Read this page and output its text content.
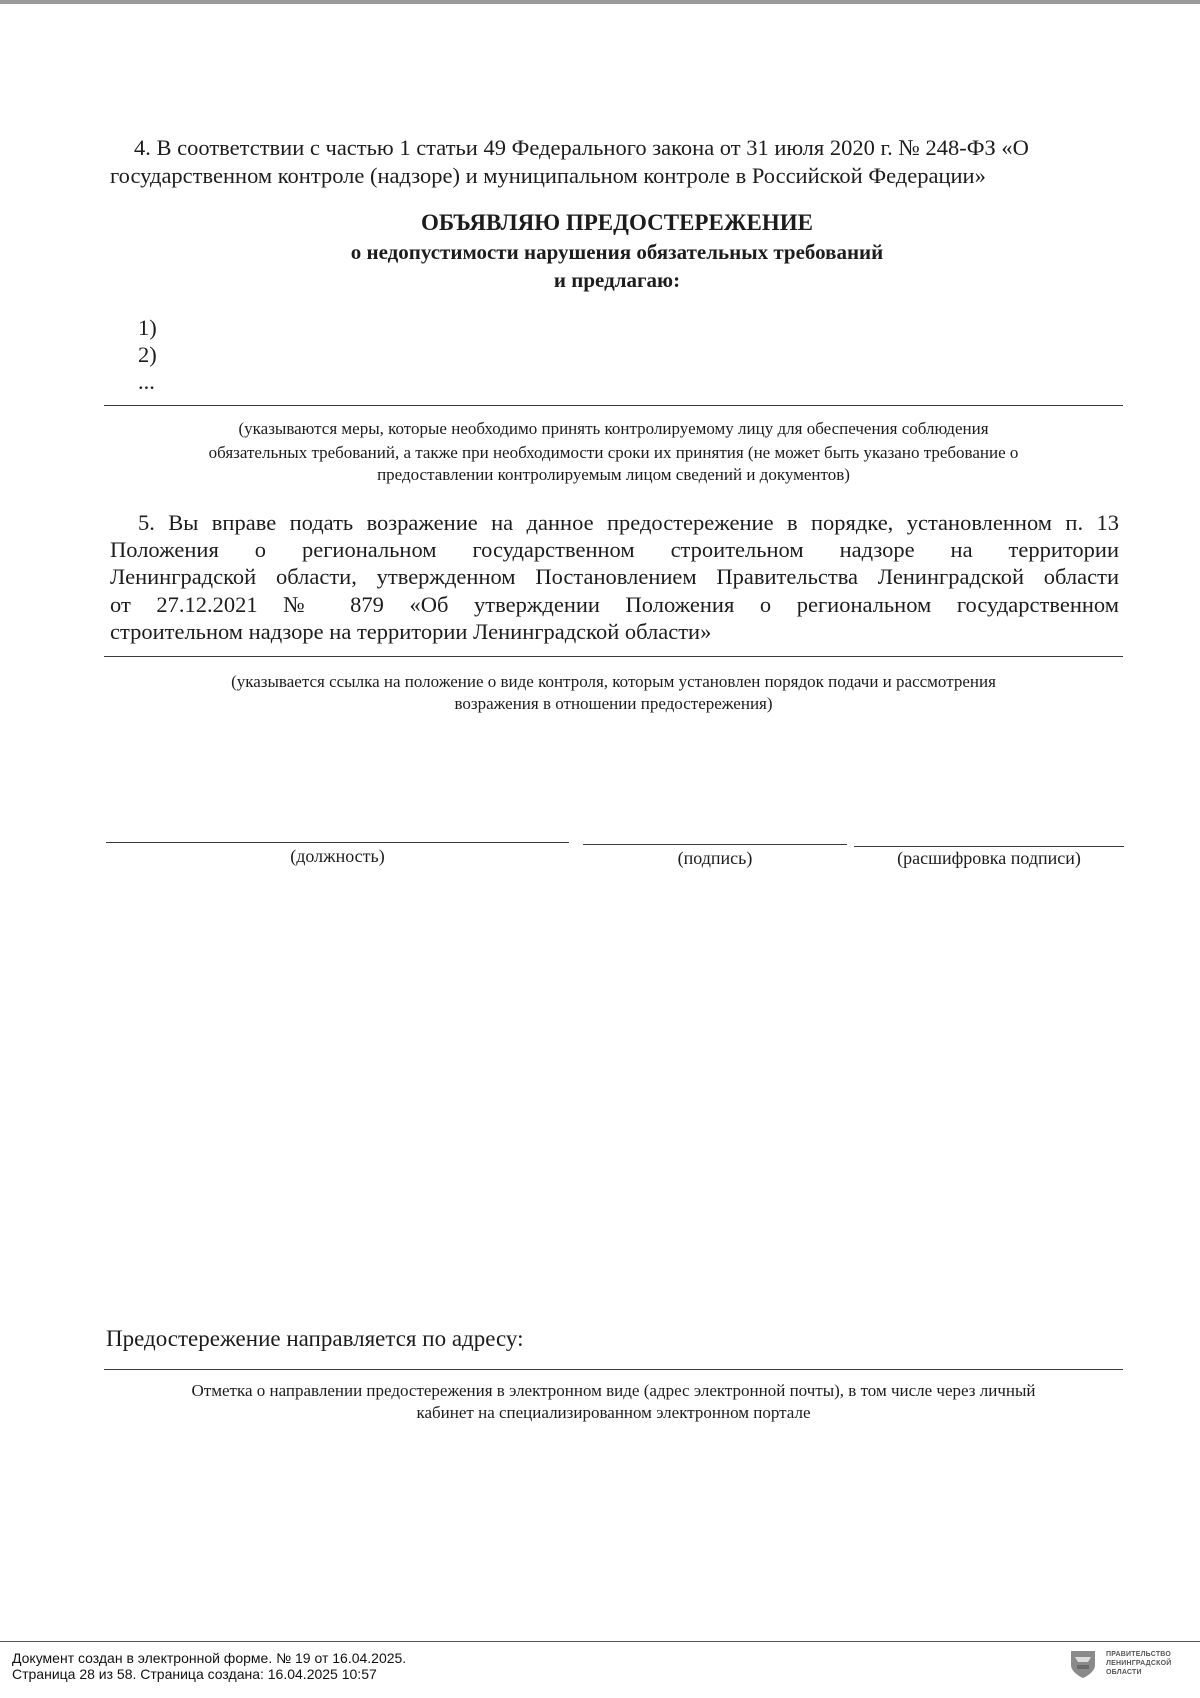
4. В соответствии с частью 1 статьи 49 Федерального закона от 31 июля 2020 г. № 248-ФЗ «О
государственном контроле (надзоре) и муниципальном контроле в Российской Федерации»
ОБЪЯВЛЯЮ ПРЕДОСТЕРЕЖЕНИЕ
о недопустимости нарушения обязательных требований
и предлагаю:
1)
2)
...
(указываются меры, которые необходимо принять контролируемому лицу для обеспечения соблюдения
обязательных требований, а также при необходимости сроки их принятия (не может быть указано требование о
предоставлении контролируемым лицом сведений и документов)
5. Вы вправе подать возражение на данное предостережение в порядке, установленном п. 13
Положения о региональном государственном строительном надзоре на территории
Ленинградской области, утвержденном Постановлением Правительства Ленинградской области
от 27.12.2021 № 879 «Об утверждении Положения о региональном государственном
строительном надзоре на территории Ленинградской области»
(указывается ссылка на положение о виде контроля, которым установлен порядок подачи и рассмотрения
возражения в отношении предостережения)
(должность)	(подпись)	(расшифровка подписи)
Предостережение направляется по адресу:
Отметка о направлении предостережения в электронном виде (адрес электронной почты), в том числе через личный
кабинет на специализированном электронном портале
Документ создан в электронной форме. № 19 от 16.04.2025.
Страница 28 из 58. Страница создана: 16.04.2025 10:57
ПРАВИТЕЛЬСТВО
ЛЕНИНГРАДСКОЙ
ОБЛАСТИ
